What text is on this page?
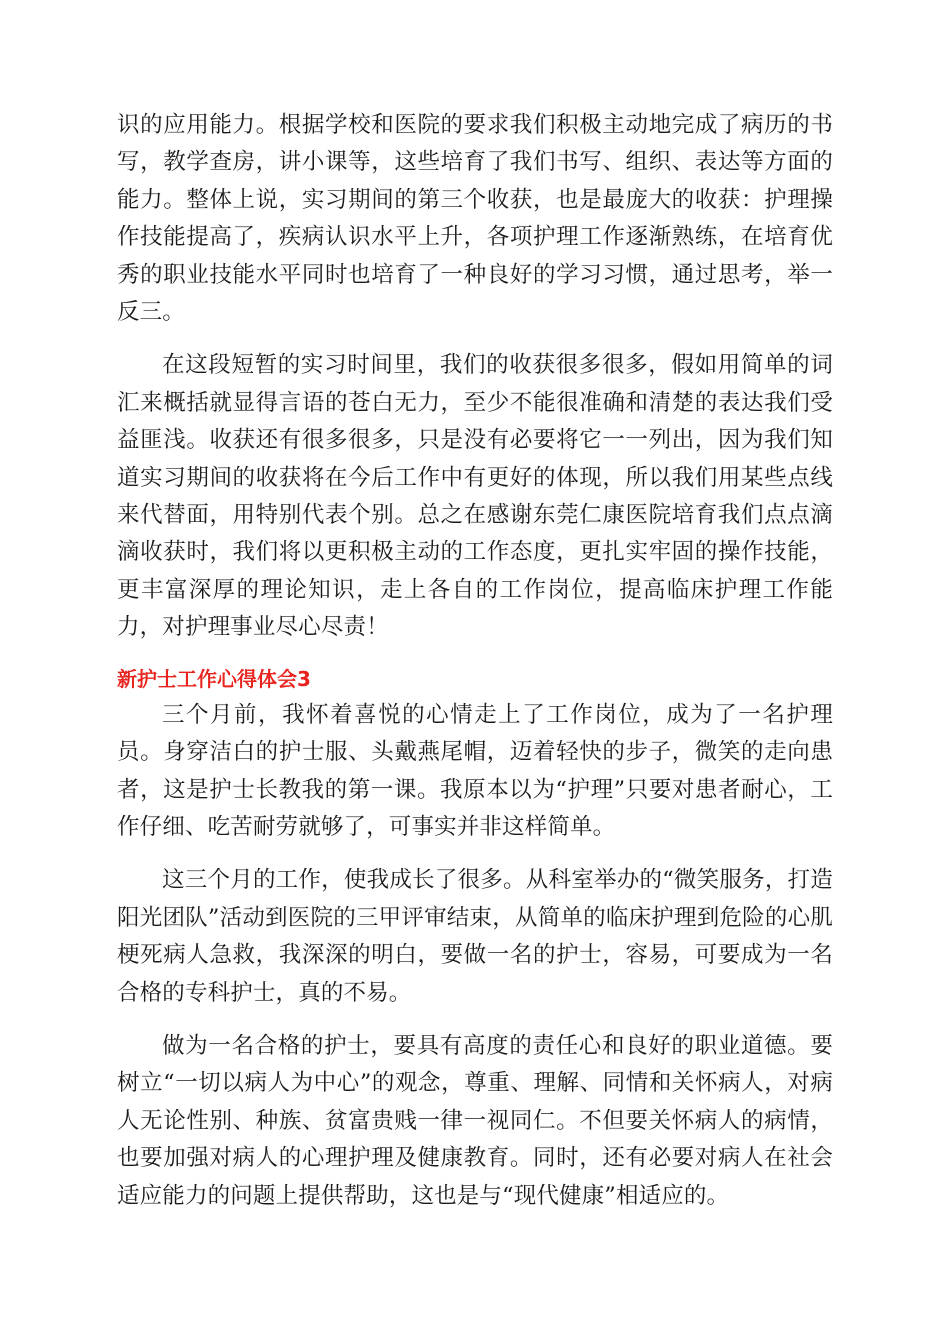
识的应用能力。根据学校和医院的要求我们积极主动地完成了病历的书写，教学查房，讲小课等，这些培育了我们书写、组织、表达等方面的能力。整体上说，实习期间的第三个收获，也是最庞大的收获：护理操作技能提高了，疾病认识水平上升，各项护理工作逐渐熟练，在培育优秀的职业技能水平同时也培育了一种良好的学习习惯，通过思考，举一反三。

在这段短暂的实习时间里，我们的收获很多很多，假如用简单的词汇来概括就显得言语的苍白无力，至少不能很准确和清楚的表达我们受益匪浅。收获还有很多很多，只是没有必要将它一一列出，因为我们知道实习期间的收获将在今后工作中有更好的体现，所以我们用某些点线来代替面，用特别代表个别。总之在感谢东莞仁康医院培育我们点点滴滴收获时，我们将以更积极主动的工作态度，更扎实牢固的操作技能，更丰富深厚的理论知识，走上各自的工作岗位，提高临床护理工作能力，对护理事业尽心尽责！

新护士工作心得体会3

三个月前，我怀着喜悦的心情走上了工作岗位，成为了一名护理员。身穿洁白的护士服、头戴燕尾帽，迈着轻快的步子，微笑的走向患者，这是护士长教我的第一课。我原本以为“护理”只要对患者耐心，工作仔细、吃苦耐劳就够了，可事实并非这样简单。

这三个月的工作，使我成长了很多。从科室举办的“微笑服务，打造阳光团队”活动到医院的三甲评审结束，从简单的临床护理到危险的心肌梗死病人急救，我深深的明白，要做一名的护士，容易，可要成为一名合格的专科护士，真的不易。

做为一名合格的护士，要具有高度的责任心和良好的职业道德。要树立“一切以病人为中心”的观念，尊重、理解、同情和关怀病人，对病人无论性别、种族、贫富贵贱一律一视同仁。不但要关怀病人的病情，也要加强对病人的心理护理及健康教育。同时，还有必要对病人在社会适应能力的问题上提供帮助，这也是与“现代健康”相适应的。
